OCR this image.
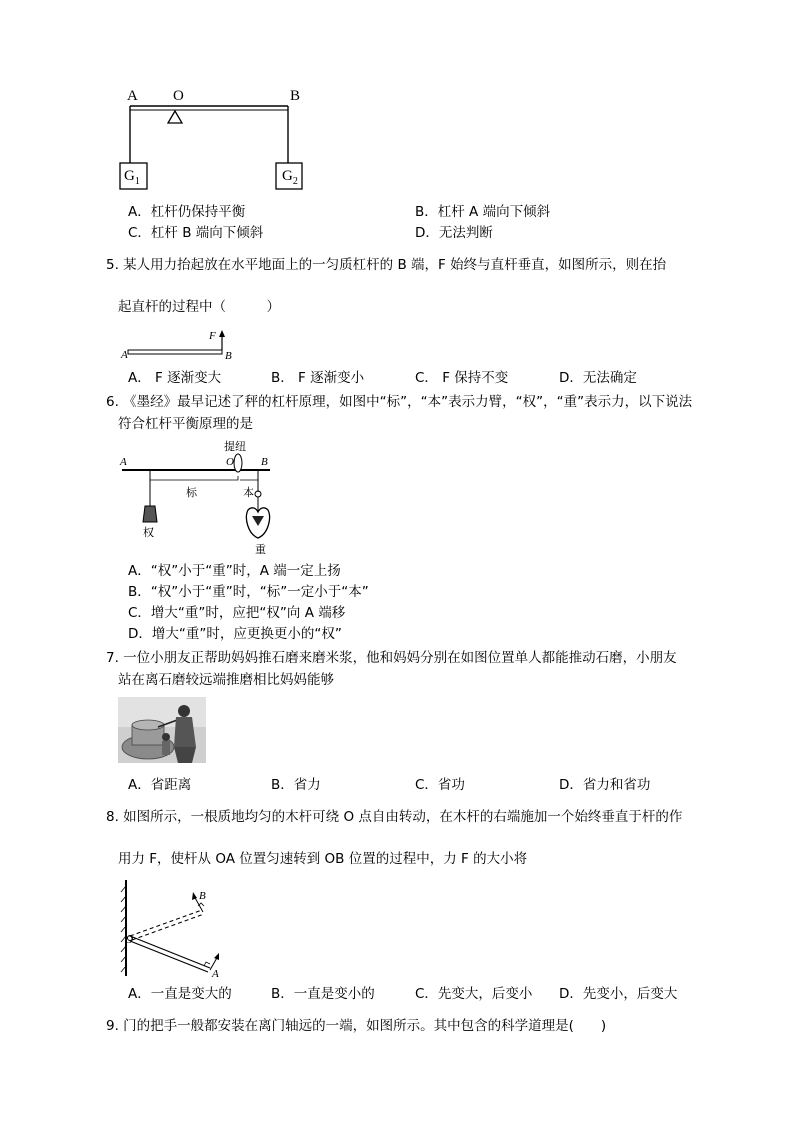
A O	B
$G_1$	$G_2$
A．杠杆仍保持平衡	B．杠杆 A 端向下倾斜
C．杠杆 B 端向下倾斜	D．无法判断
5. 某人用力抬起放在水平地面上的一匀质杠杆的 B 端，F 始终与直杆垂直，如图所示，则在抬
起直杆的过程中（　　　）
A	B
F
A． F 逐渐变大	B． F 逐渐变小	C． F 保持不变	D．无法确定
6. 《墨经》最早记述了秤的杠杆原理，如图中“标”，“本”表示力臂，“权”，“重”表示力，以下说法
符合杠杆平衡原理的是
提纽
A	O B
标	本
权
重
A．“权”小于“重”时，A 端一定上扬
B．“权”小于“重”时，“标”一定小于“本”
C．增大“重”时，应把“权”向 A 端移
D．增大“重”时，应更换更小的“权”
7. 一位小朋友正帮助妈妈推石磨来磨米浆，他和妈妈分别在如图位置单人都能推动石磨，小朋友
站在离石磨较远端推磨相比妈妈能够
A．省距离	B．省力	C．省功	D．省力和省功
8. 如图所示，一根质地均匀的木杆可绕 O 点自由转动，在木杆的右端施加一个始终垂直于杆的作
用力 F，使杆从 OA 位置匀速转到 OB 位置的过程中，力 F 的大小将
O
A
B
A．一直是变大的	B．一直是变小的	C．先变大，后变小 D．先变小，后变大
9. 门的把手一般都安装在离门轴远的一端，如图所示。其中包含的科学道理是(　　)
